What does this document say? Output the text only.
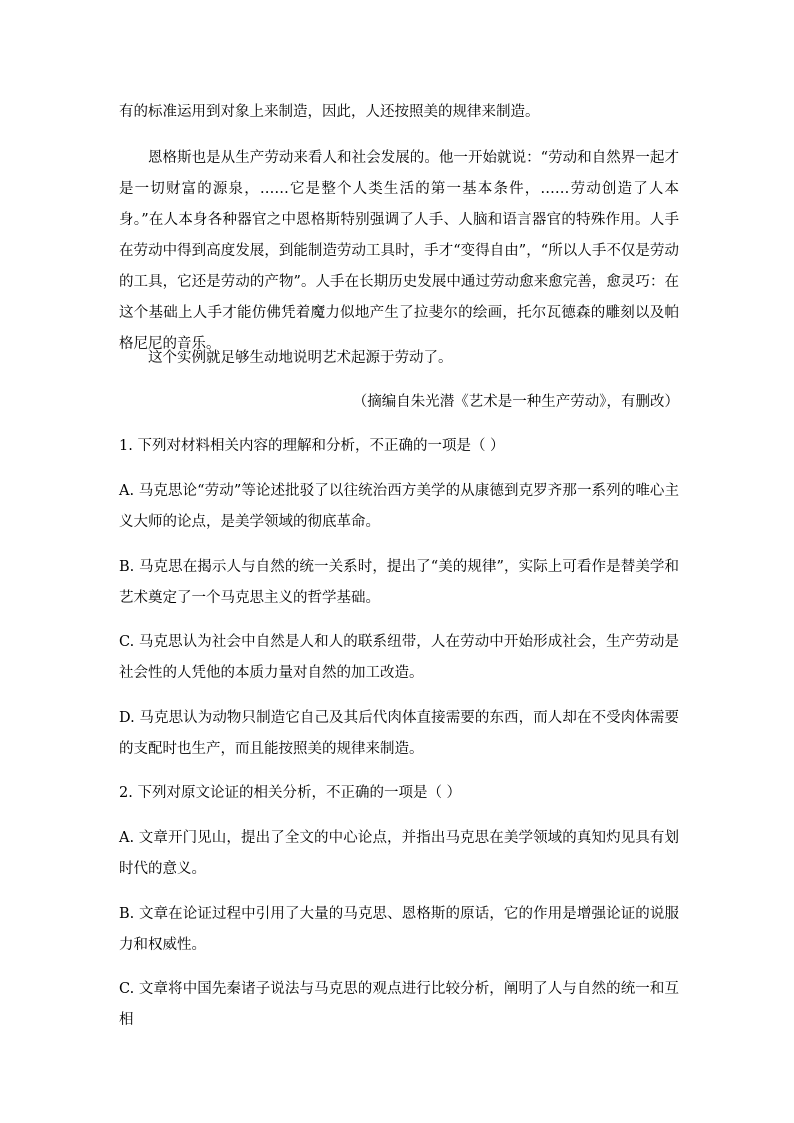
有的标准运用到对象上来制造，因此，人还按照美的规律来制造。

恩格斯也是从生产劳动来看人和社会发展的。他一开始就说：“劳动和自然界一起才是一切财富的源泉，……它是整个人类生活的第一基本条件，……劳动创造了人本身。”在人本身各种器官之中恩格斯特别强调了人手、人脑和语言器官的特殊作用。人手在劳动中得到高度发展，到能制造劳动工具时，手才“变得自由”，“所以人手不仅是劳动的工具，它还是劳动的产物”。人手在长期历史发展中通过劳动愈来愈完善，愈灵巧：在这个基础上人手才能仿佛凭着魔力似地产生了拉斐尔的绘画，托尔瓦德森的雕刻以及帕格尼尼的音乐。

这个实例就足够生动地说明艺术起源于劳动了。

（摘编自朱光潜《艺术是一种生产劳动》，有删改）

1. 下列对材料相关内容的理解和分析，不正确的一项是（ ）

A. 马克思论“劳动”等论述批驳了以往统治西方美学的从康德到克罗齐那一系列的唯心主义大师的论点，是美学领域的彻底革命。

B. 马克思在揭示人与自然的统一关系时，提出了“美的规律”，实际上可看作是替美学和艺术奠定了一个马克思主义的哲学基础。

C. 马克思认为社会中自然是人和人的联系纽带，人在劳动中开始形成社会，生产劳动是社会性的人凭他的本质力量对自然的加工改造。

D. 马克思认为动物只制造它自己及其后代肉体直接需要的东西，而人却在不受肉体需要的支配时也生产，而且能按照美的规律来制造。

2. 下列对原文论证的相关分析，不正确的一项是（ ）

A. 文章开门见山，提出了全文的中心论点，并指出马克思在美学领域的真知灼见具有划时代的意义。

B. 文章在论证过程中引用了大量的马克思、恩格斯的原话，它的作用是增强论证的说服力和权威性。

C. 文章将中国先秦诸子说法与马克思的观点进行比较分析，阐明了人与自然的统一和互相
